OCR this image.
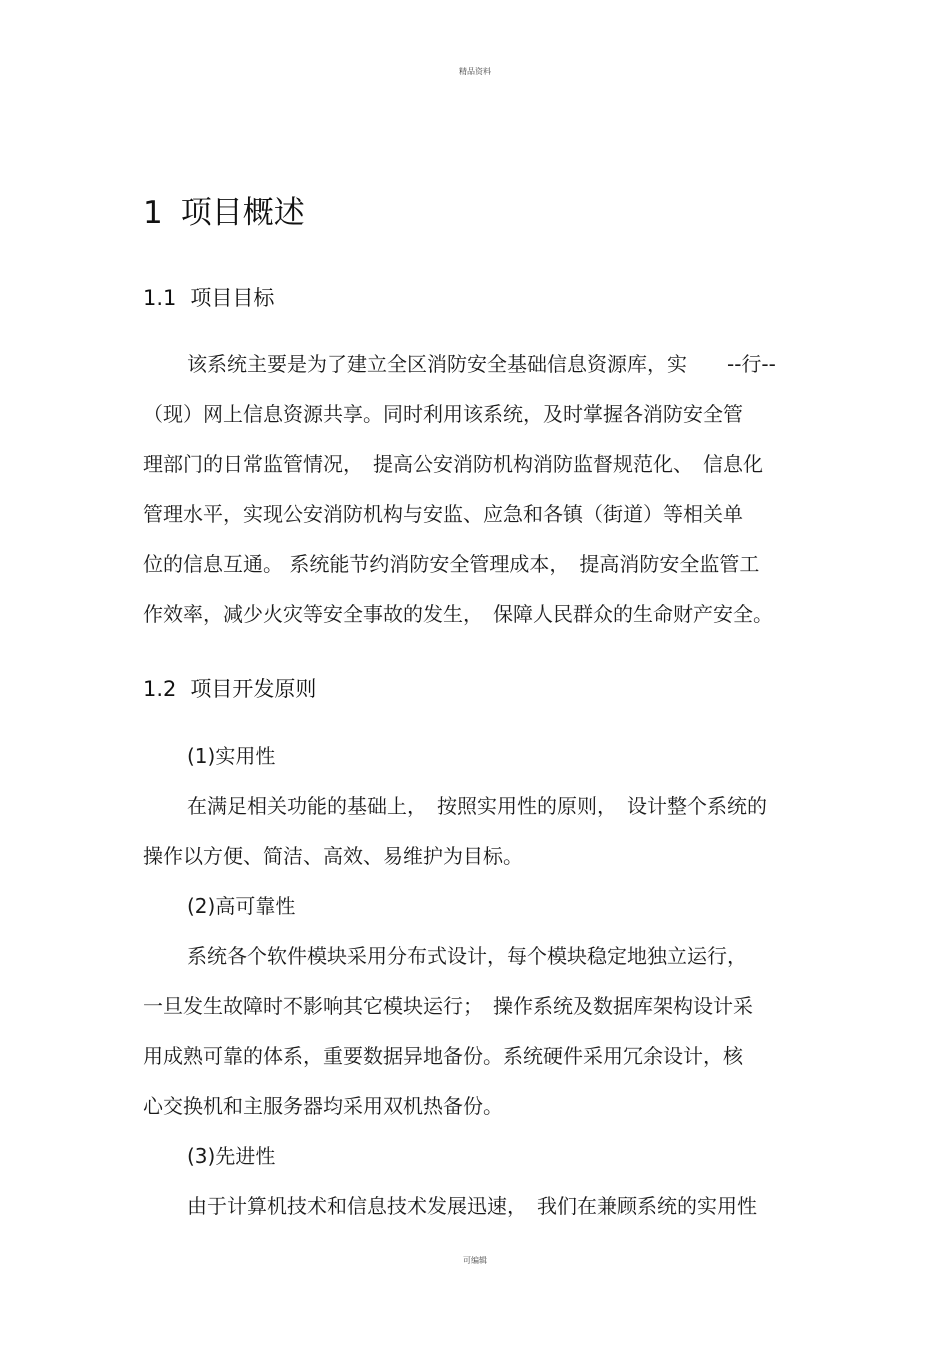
精品资料
1 项目概述
1.1 项目目标
该系统主要是为了建立全区消防安全基础信息资源库，实　　--行--
（现）网上信息资源共享。同时利用该系统，及时掌握各消防安全管
理部门的日常监管情况，　提高公安消防机构消防监督规范化、　信息化
管理水平，实现公安消防机构与安监、应急和各镇（街道）等相关单
位的信息互通。 系统能节约消防安全管理成本，　提高消防安全监管工
作效率，减少火灾等安全事故的发生，　保障人民群众的生命财产安全。
1.2 项目开发原则
(1)实用性
在满足相关功能的基础上，　按照实用性的原则，　设计整个系统的
操作以方便、简洁、高效、易维护为目标。
(2)高可靠性
系统各个软件模块采用分布式设计，每个模块稳定地独立运行，
一旦发生故障时不影响其它模块运行；　操作系统及数据库架构设计采
用成熟可靠的体系，重要数据异地备份。系统硬件采用冗余设计，核
心交换机和主服务器均采用双机热备份。
(3)先进性
由于计算机技术和信息技术发展迅速，　我们在兼顾系统的实用性
可编辑
